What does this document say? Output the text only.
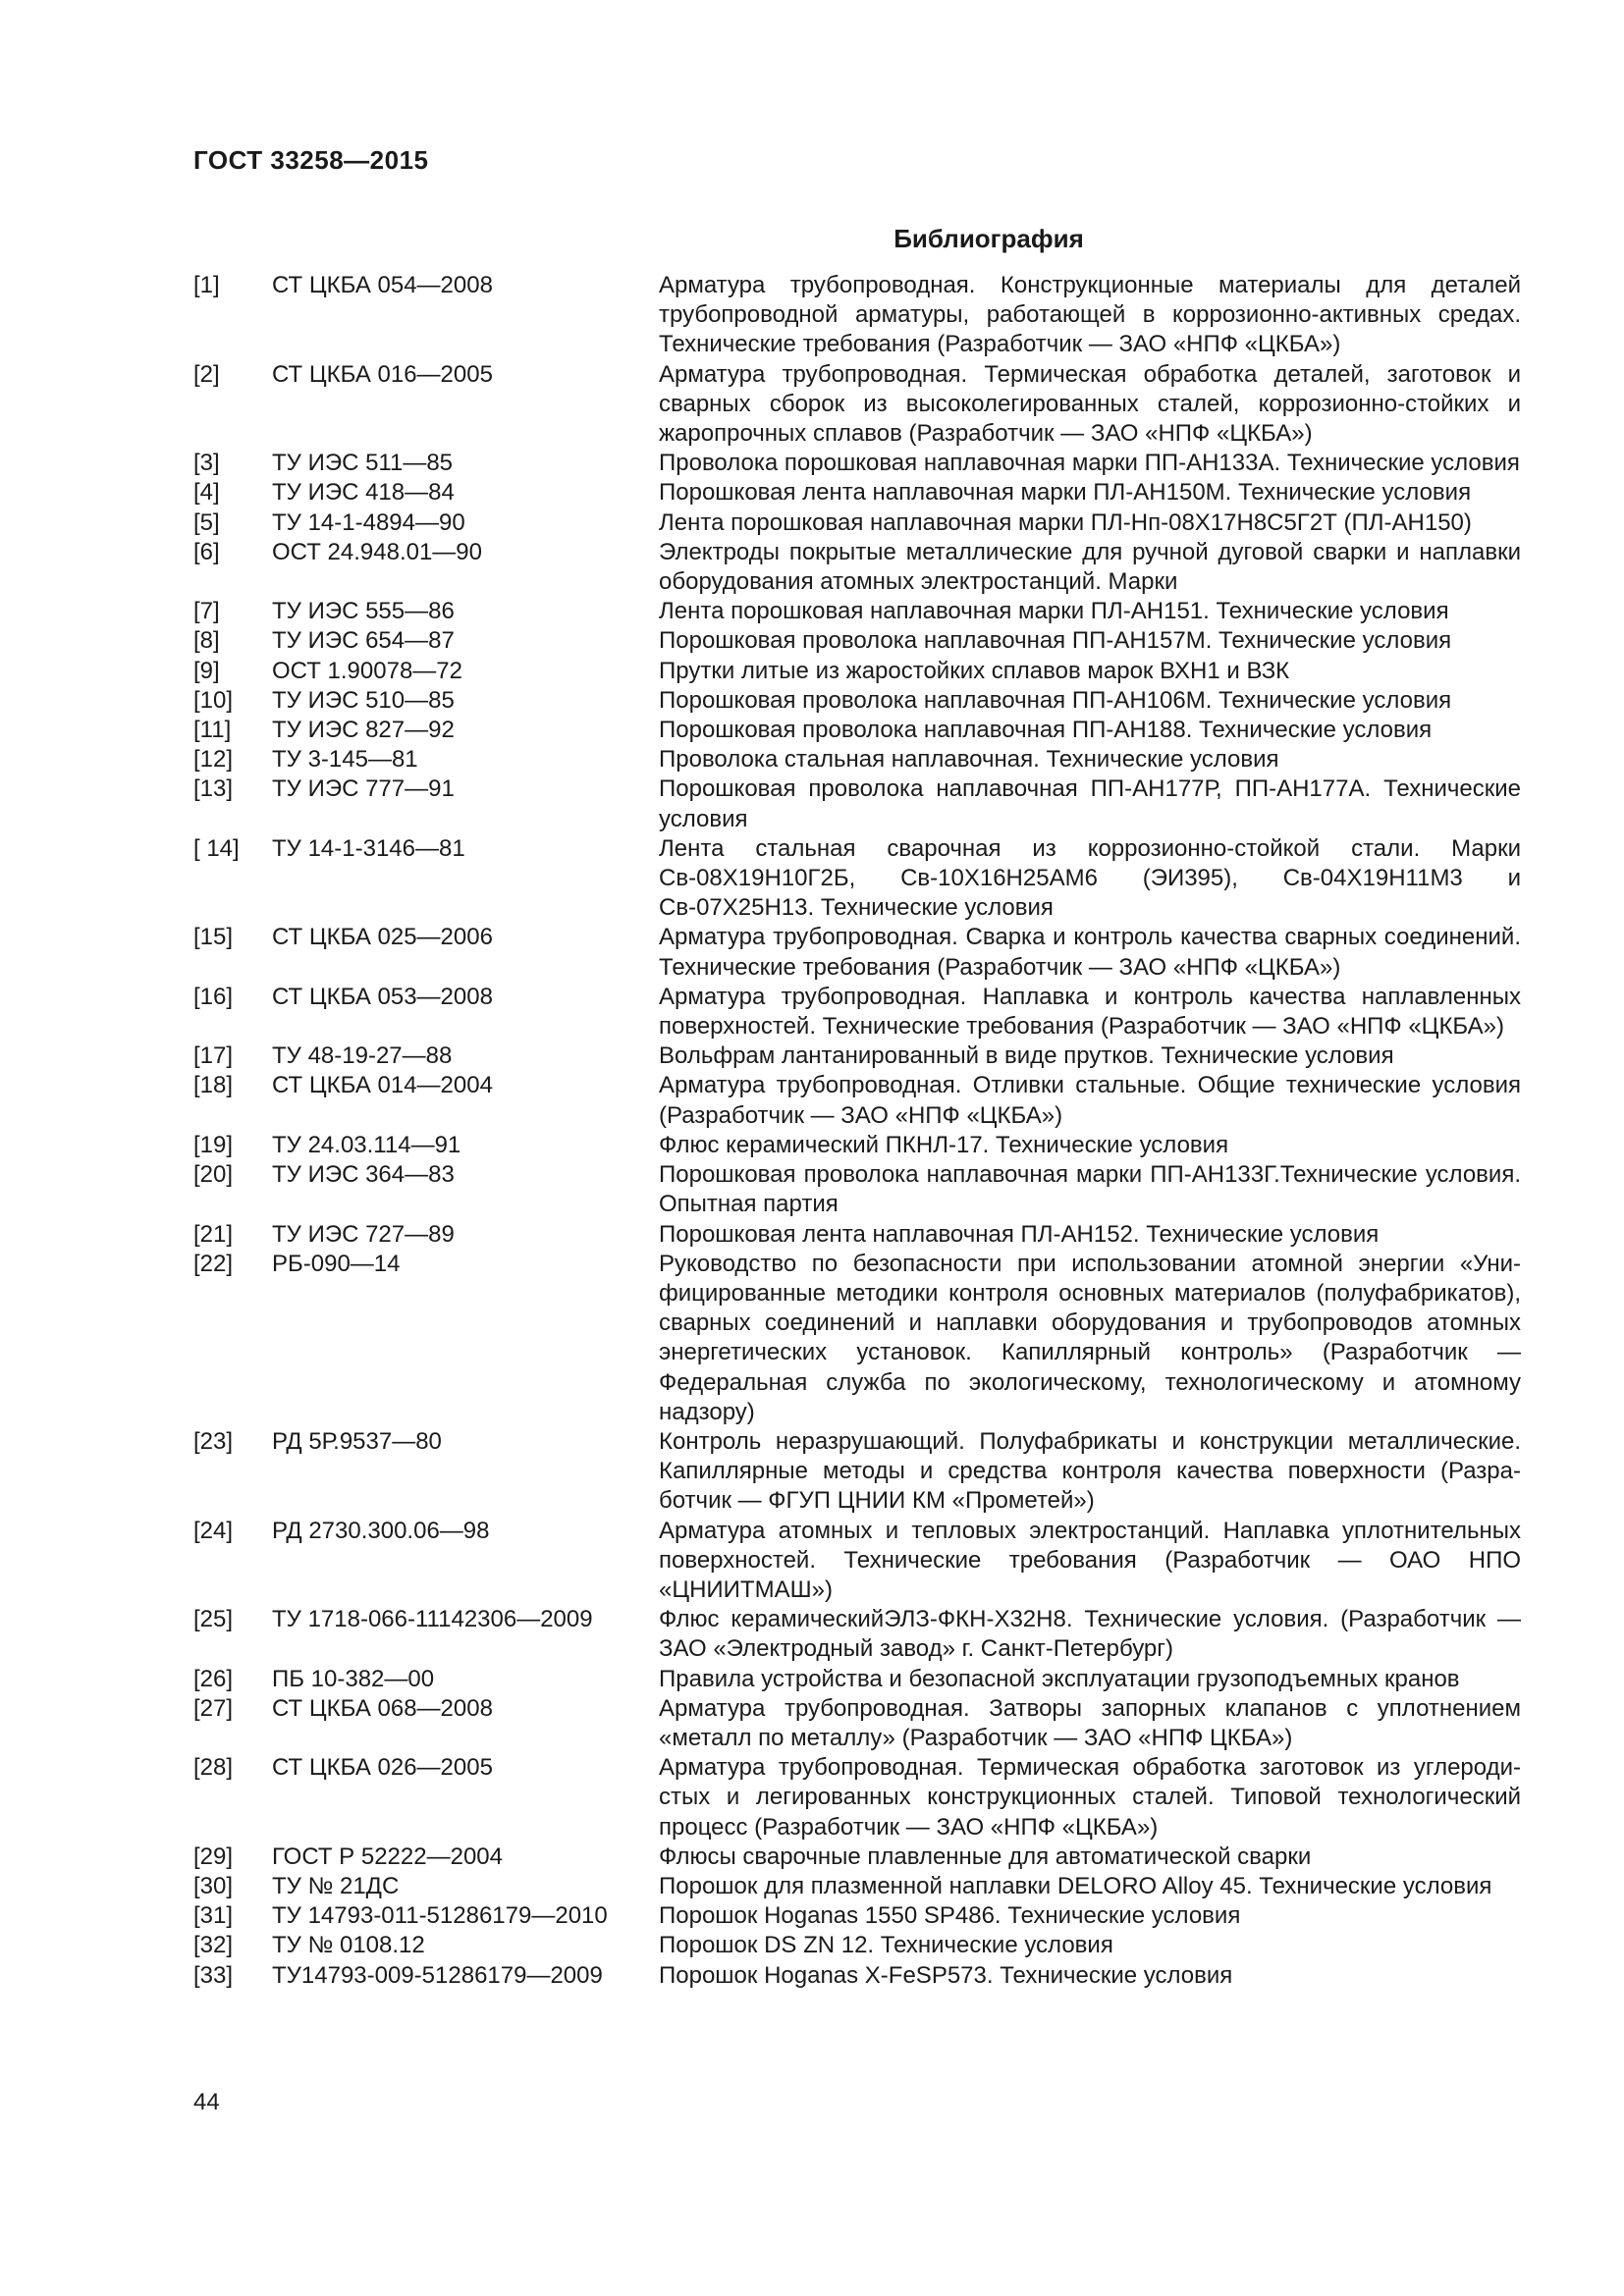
ГОСТ 33258—2015
Библиография
[1]	СТ ЦКБА 054—2008	Арматура трубопроводная. Конструкционные материалы для деталей трубопроводной арматуры, работающей в коррозионно-активных средах. Технические требования (Разработчик — ЗАО «НПФ «ЦКБА»)
[2]	СТ ЦКБА 016—2005	Арматура трубопроводная. Термическая обработка деталей, заготовок и сварных сборок из высоколегированных сталей, коррозионно-стойких и жаропрочных сплавов (Разработчик — ЗАО «НПФ «ЦКБА»)
[3]	ТУ ИЭС 511—85	Проволока порошковая наплавочная марки ПП-АН133А. Технические условия
[4]	ТУ ИЭС 418—84	Порошковая лента наплавочная марки ПЛ-АН150М. Технические условия
[5]	ТУ 14-1-4894—90	Лента порошковая наплавочная марки ПЛ-Нп-08Х17Н8С5Г2Т (ПЛ-АН150)
[6]	ОСТ 24.948.01—90	Электроды покрытые металлические для ручной дуговой сварки и наплавки оборудования атомных электростанций. Марки
[7]	ТУ ИЭС 555—86	Лента порошковая наплавочная марки ПЛ-АН151. Технические условия
[8]	ТУ ИЭС 654—87	Порошковая проволока наплавочная ПП-АН157М. Технические условия
[9]	ОСТ 1.90078—72	Прутки литые из жаростойких сплавов марок ВХН1 и ВЗК
[10]	ТУ ИЭС 510—85	Порошковая проволока наплавочная ПП-АН106М. Технические условия
[11]	ТУ ИЭС 827—92	Порошковая проволока наплавочная ПП-АН188. Технические условия
[12]	ТУ 3-145—81	Проволока стальная наплавочная. Технические условия
[13]	ТУ ИЭС 777—91	Порошковая проволока наплавочная ПП-АН177Р, ПП-АН177А. Технические условия
[ 14]	ТУ 14-1-3146—81	Лента стальная сварочная из коррозионно-стойкой стали. Марки Св-08Х19Н10Г2Б, Св-10Х16Н25АМ6 (ЭИ395), Св-04Х19Н11М3 и Св-07Х25Н13. Технические условия
[15]	СТ ЦКБА 025—2006	Арматура трубопроводная. Сварка и контроль качества сварных соединений. Технические требования (Разработчик — ЗАО «НПФ «ЦКБА»)
[16]	СТ ЦКБА 053—2008	Арматура трубопроводная. Наплавка и контроль качества наплавленных поверхностей. Технические требования (Разработчик — ЗАО «НПФ «ЦКБА»)
[17]	ТУ 48-19-27—88	Вольфрам лантанированный в виде прутков. Технические условия
[18]	СТ ЦКБА 014—2004	Арматура трубопроводная. Отливки стальные. Общие технические условия (Разработчик — ЗАО «НПФ «ЦКБА»)
[19]	ТУ 24.03.114—91	Флюс керамический ПКНЛ-17. Технические условия
[20]	ТУ ИЭС 364—83	Порошковая проволока наплавочная марки ПП-АН133Г.Технические условия. Опытная партия
[21]	ТУ ИЭС 727—89	Порошковая лента наплавочная ПЛ-АН152. Технические условия
[22]	РБ-090—14	Руководство по безопасности при использовании атомной энергии «Унифицированные методики контроля основных материалов (полуфабрикатов), сварных соединений и наплавки оборудования и трубопроводов атомных энергетических установок. Капиллярный контроль» (Разработчик — Федеральная служба по экологическому, технологическому и атомному надзору)
[23]	РД 5Р.9537—80	Контроль неразрушающий. Полуфабрикаты и конструкции металлические. Капиллярные методы и средства контроля качества поверхности (Разработчик — ФГУП ЦНИИ КМ «Прометей»)
[24]	РД 2730.300.06—98	Арматура атомных и тепловых электростанций. Наплавка уплотнительных поверхностей. Технические требования (Разработчик — ОАО НПО «ЦНИИТМАШ»)
[25]	ТУ 1718-066-11142306—2009	Флюс керамическийЭЛЗ-ФКН-Х32Н8. Технические условия. (Разработчик — ЗАО «Электродный завод» г. Санкт-Петербург)
[26]	ПБ 10-382—00	Правила устройства и безопасной эксплуатации грузоподъемных кранов
[27]	СТ ЦКБА 068—2008	Арматура трубопроводная. Затворы запорных клапанов с уплотнением «металл по металлу» (Разработчик — ЗАО «НПФ ЦКБА»)
[28]	СТ ЦКБА 026—2005	Арматура трубопроводная. Термическая обработка заготовок из углеродистых и легированных конструкционных сталей. Типовой технологический процесс (Разработчик — ЗАО «НПФ «ЦКБА»)
[29]	ГОСТ Р 52222—2004	Флюсы сварочные плавленные для автоматической сварки
[30]	ТУ № 21ДС	Порошок для плазменной наплавки DELORO Alloy 45. Технические условия
[31]	ТУ 14793-011-51286179—2010	Порошок Hoganas 1550 SP486. Технические условия
[32]	ТУ № 0108.12	Порошок DS ZN 12. Технические условия
[33]	ТУ14793-009-51286179—2009	Порошок Hoganas X-FeSP573. Технические условия
44
